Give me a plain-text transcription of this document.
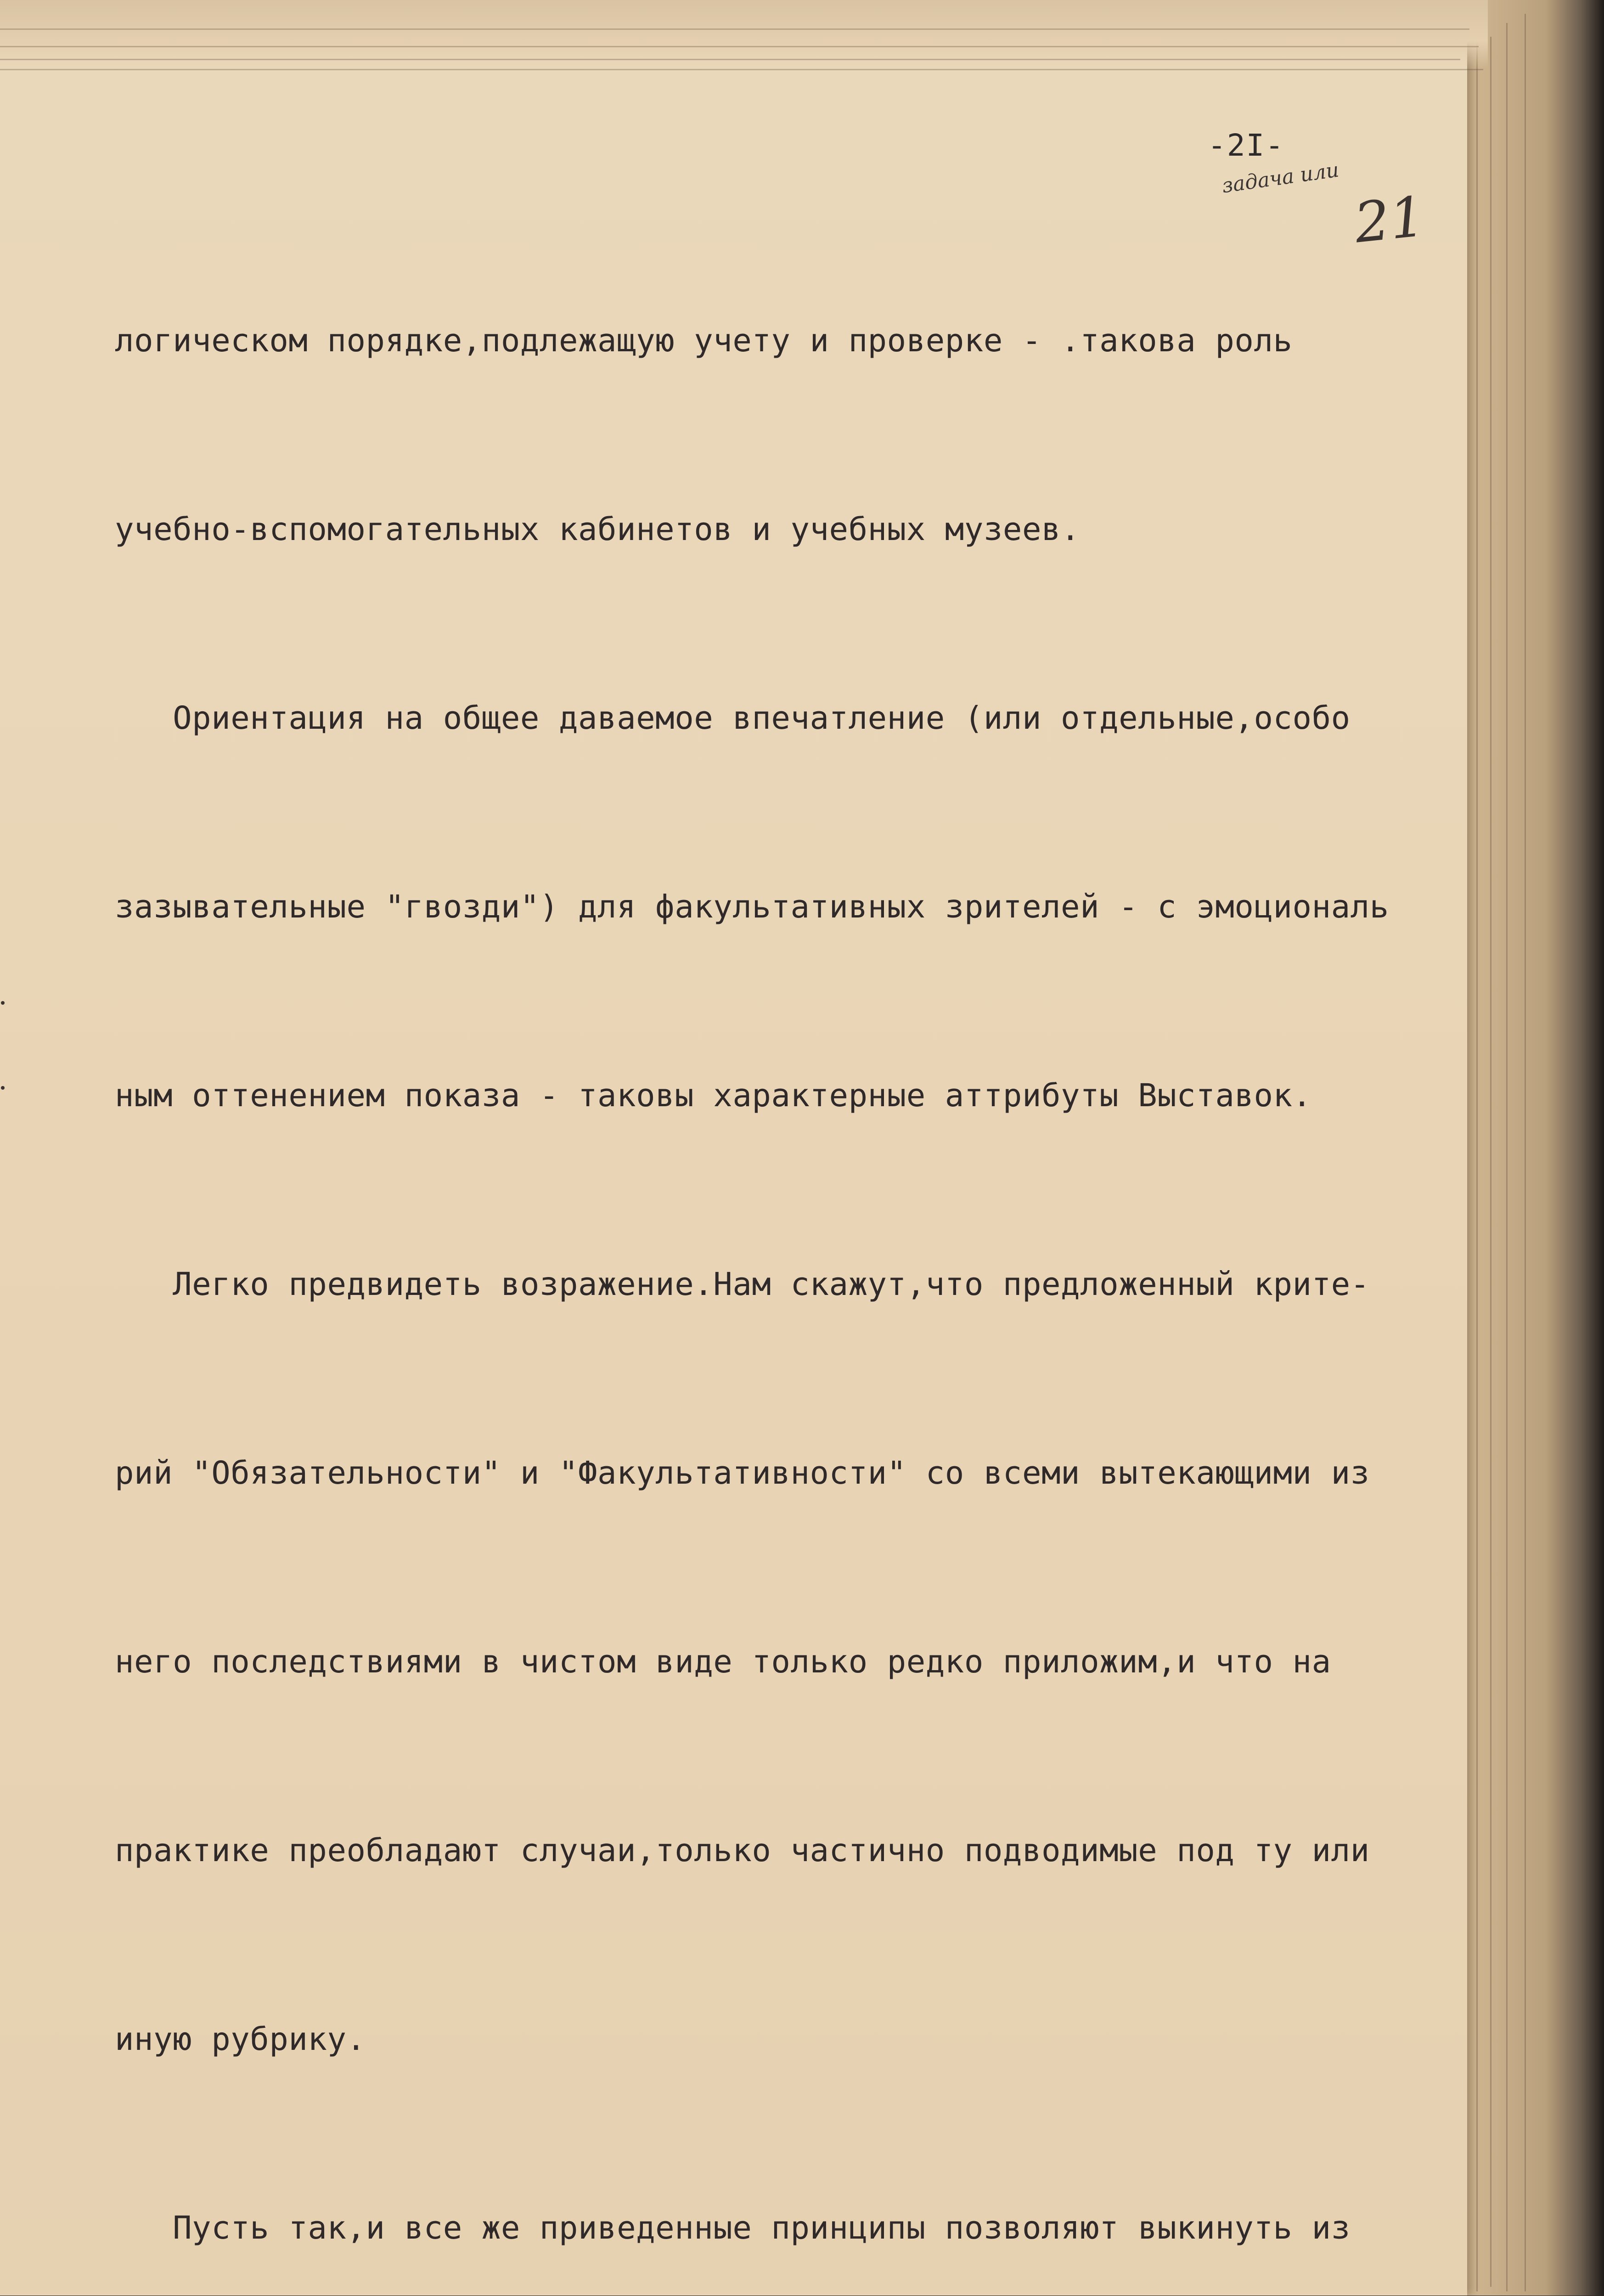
-2I-
задача или
21

логическом порядке,подлежащую учету и проверке - .такова роль

учебно-вспомогательных кабинетов и учебных музеев.

Ориентация на общее даваемое впечатление (или отдельные,особо

зазывательные "гвозди") для факультативных зрителей - с эмоциональ

ным оттенением показа - таковы характерные аттрибуты Выставок.

Легко предвидеть возражение.Нам скажут,что предложенный крите-

рий "Обязательности" и "Факультативности" со всеми вытекающими из

него последствиями в чистом виде только редко приложим,и что на

практике преобладают случаи,только частично подводимые под ту или

иную рубрику.

Пусть так,и все же приведенные принципы позволяют выкинуть из
